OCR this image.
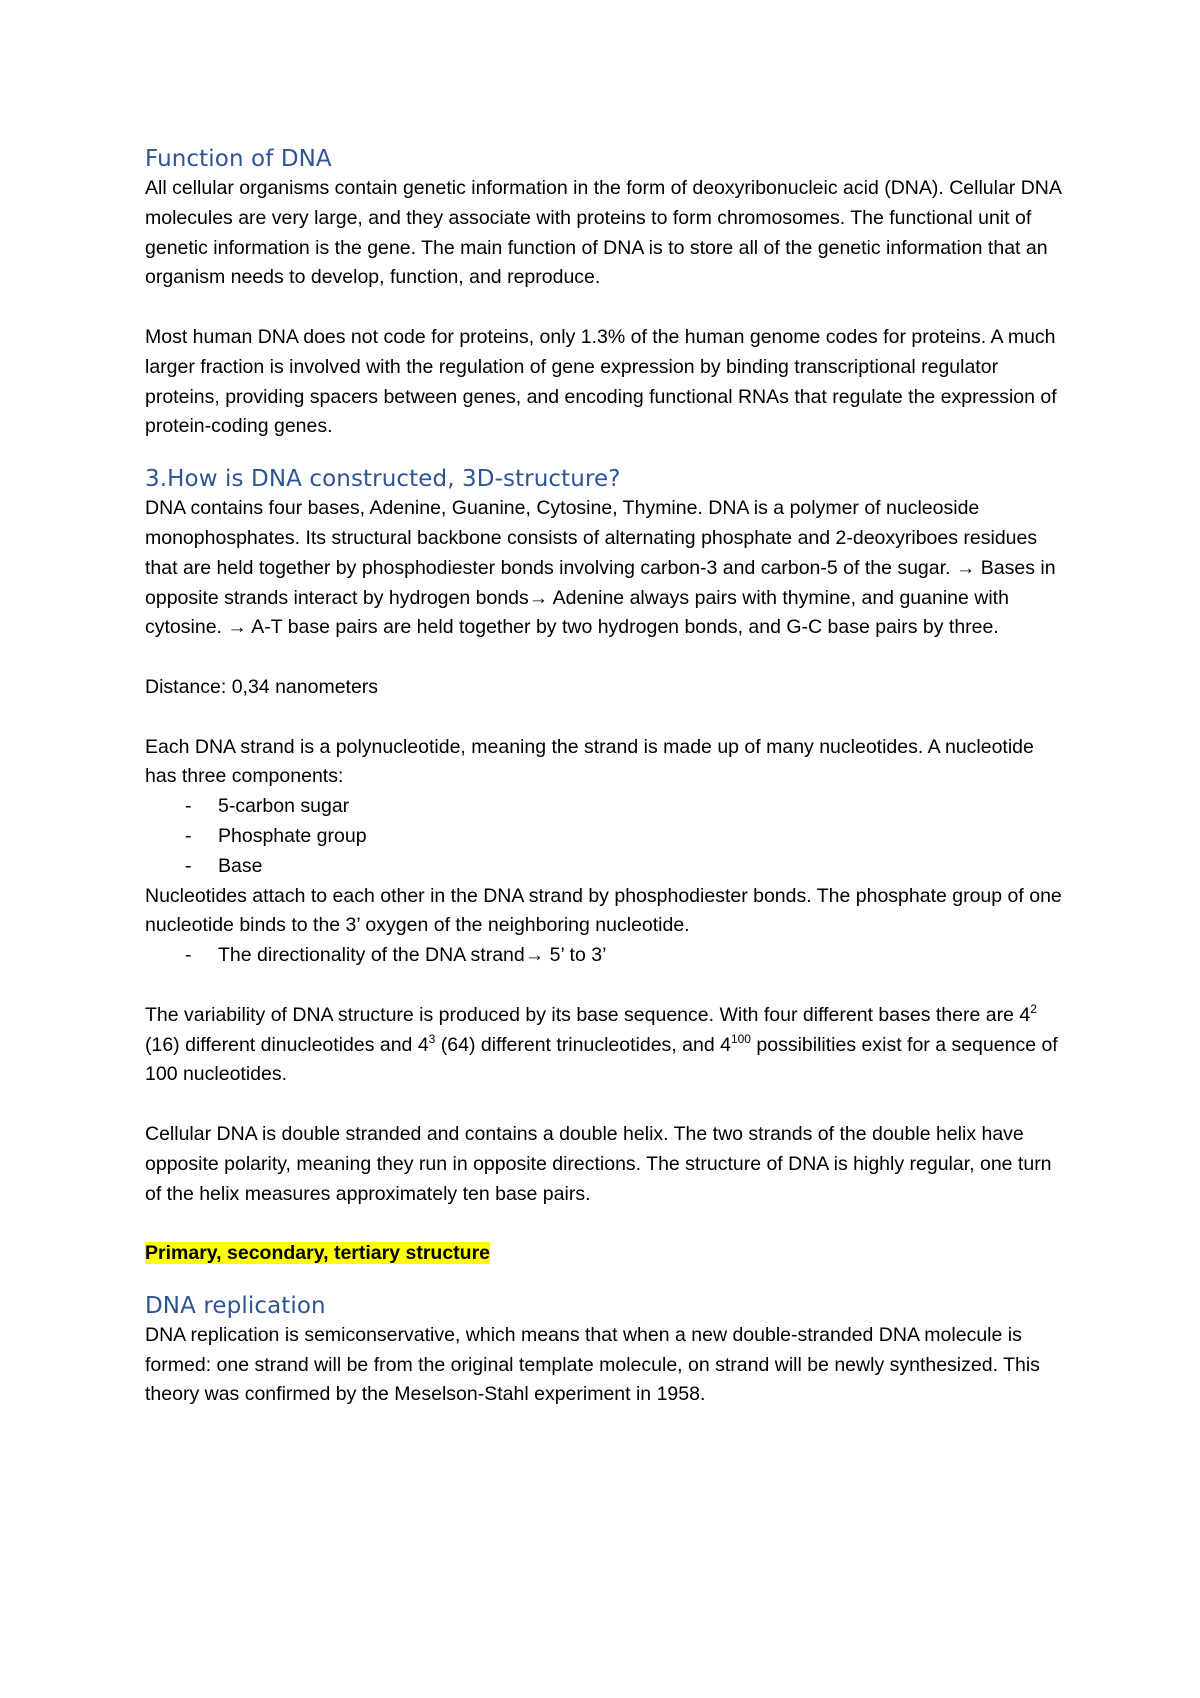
Function of DNA

All cellular organisms contain genetic information in the form of deoxyribonucleic acid (DNA). Cellular DNA molecules are very large, and they associate with proteins to form chromosomes. The functional unit of genetic information is the gene. The main function of DNA is to store all of the genetic information that an organism needs to develop, function, and reproduce.

Most human DNA does not code for proteins, only 1.3% of the human genome codes for proteins. A much larger fraction is involved with the regulation of gene expression by binding transcriptional regulator proteins, providing spacers between genes, and encoding functional RNAs that regulate the expression of protein-coding genes.

3.How is DNA constructed, 3D-structure?

DNA contains four bases, Adenine, Guanine, Cytosine, Thymine. DNA is a polymer of nucleoside monophosphates. Its structural backbone consists of alternating phosphate and 2-deoxyriboes residues that are held together by phosphodiester bonds involving carbon-3 and carbon-5 of the sugar. → Bases in opposite strands interact by hydrogen bonds→ Adenine always pairs with thymine, and guanine with cytosine. → A-T base pairs are held together by two hydrogen bonds, and G-C base pairs by three.

Distance: 0,34 nanometers

Each DNA strand is a polynucleotide, meaning the strand is made up of many nucleotides. A nucleotide has three components:

- 5-carbon sugar
- Phosphate group
- Base

Nucleotides attach to each other in the DNA strand by phosphodiester bonds. The phosphate group of one nucleotide binds to the 3’ oxygen of the neighboring nucleotide.

- The directionality of the DNA strand→ 5’ to 3’

The variability of DNA structure is produced by its base sequence. With four different bases there are $4^2$ (16) different dinucleotides and $4^3$ (64) different trinucleotides, and $4^{100}$ possibilities exist for a sequence of 100 nucleotides.

Cellular DNA is double stranded and contains a double helix. The two strands of the double helix have opposite polarity, meaning they run in opposite directions. The structure of DNA is highly regular, one turn of the helix measures approximately ten base pairs.

Primary, secondary, tertiary structure

DNA replication

DNA replication is semiconservative, which means that when a new double-stranded DNA molecule is formed: one strand will be from the original template molecule, on strand will be newly synthesized. This theory was confirmed by the Meselson-Stahl experiment in 1958.
